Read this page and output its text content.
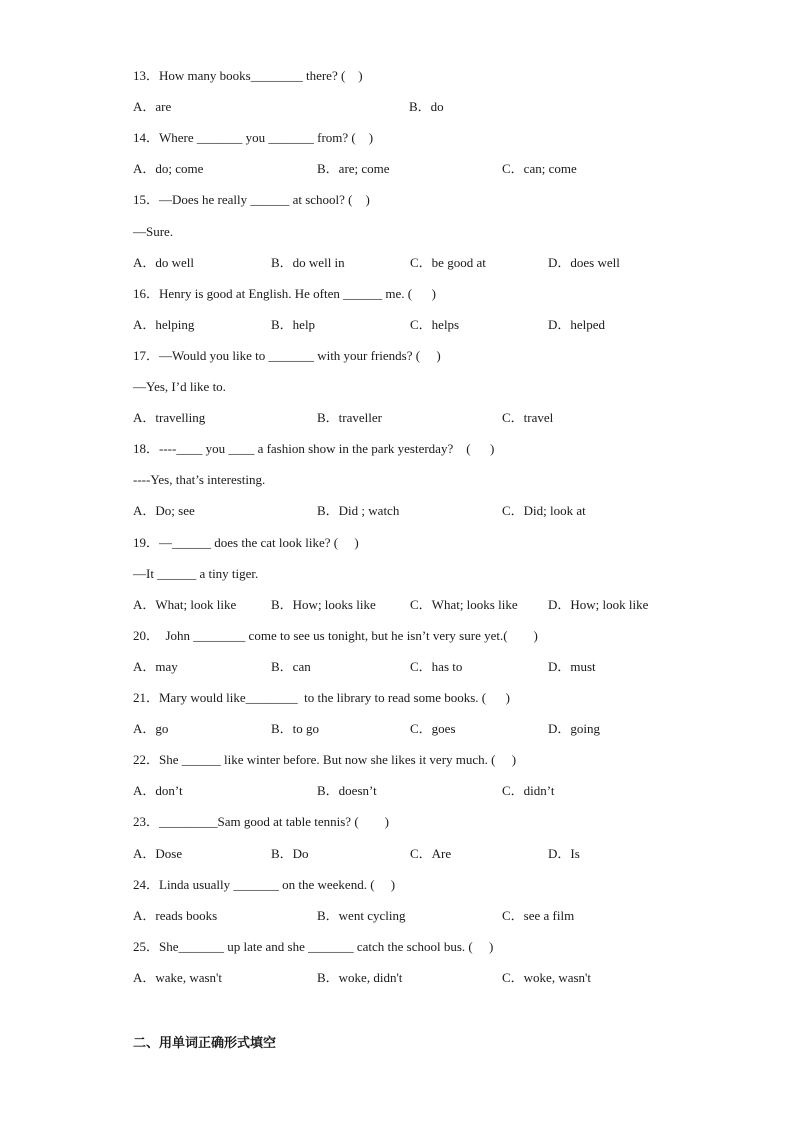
13．How many books________ there? (    )
A．are	B．do
14．Where _______ you _______ from? (    )
A．do; come	B．are; come	C．can; come
15．—Does he really ______ at school? (    )
—Sure.
A．do well	B．do well in	C．be good at	D．does well
16．Henry is good at English. He often ______ me. (      )
A．helping	B．help	C．helps	D．helped
17．—Would you like to _______ with your friends? (     )
—Yes, I’d like to.
A．travelling	B．traveller	C．travel
18．----____ you ____ a fashion show in the park yesterday?    (      )
----Yes, that’s interesting.
A．Do; see	B．Did ; watch	C．Did; look at
19．—______ does the cat look like? (     )
—It ______ a tiny tiger.
A．What; look like	B．How; looks like	C．What; looks like D．How; look like
20．  John ________ come to see us tonight, but he isn’t very sure yet.(        )
A．may	B．can	C．has to	D．must
21．Mary would like________  to the library to read some books. (      )
A．go	B．to go	C．goes	D．going
22．She ______ like winter before. But now she likes it very much. (     )
A．don’t	B．doesn’t	C．didn’t
23．_________Sam good at table tennis? (        )
A．Dose	B．Do	C．Are	D．Is
24．Linda usually _______ on the weekend. (     )
A．reads books	B．went cycling	C．see a film
25．She_______ up late and she _______ catch the school bus. (     )
A．wake, wasn't	B．woke, didn't	C．woke, wasn't
二、用单词正确形式填空
